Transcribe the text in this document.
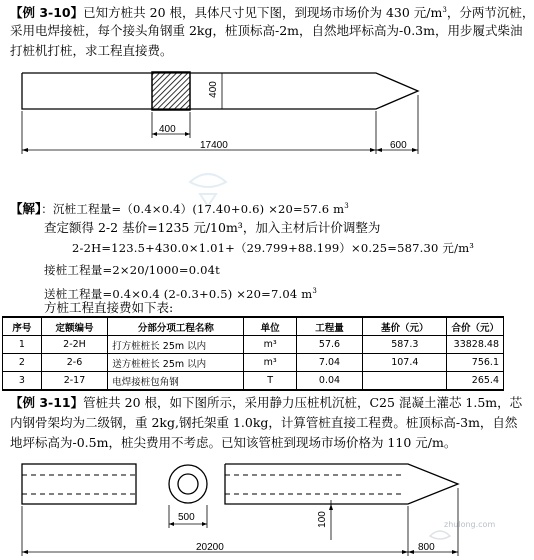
【例 3-10】已知方桩共 20 根，具体尺寸见下图，到现场市场价为 430 元$/m^3$，分两节沉桩，
采用电焊接桩，每个接头角钢重 2kg，桩顶标高-2m，自然地坪标高为-0.3m，用步履式柴油
打桩机打桩，求工程直接费。
400
400
17400	600
【解】：沉桩工程量=（0.4×0.4）(17.40+0.6) ×20=57.6 $m^3$
查定额得 2-2 基价=1235 元/10m³，加入主材后计价调整为
2-2H=123.5+430.0×1.01+（29.799+88.199）×0.25=587.30 元/m³
接桩工程量=2×20/1000=0.04t
送桩工程量=0.4×0.4 (2-0.3+0.5) ×20=7.04 $m^3$
方桩工程直接费如下表:
序号	定额编号	分部分项工程名称	单位	工程量	基价（元）	合价（元）
1	2-2H	打方桩桩长 25m 以内	m³	57.6	587.3	33828.48
2	2-6	送方桩桩长 25m 以内	m³	7.04	107.4	756.1
3	2-17	电焊接桩包角钢	T	0.04		265.4
【例 3-11】管桩共 20 根，如下图所示，采用静力压桩机沉桩，C25 混凝土灌芯 1.5m，芯
内钢骨架均为二级钢，重 2kg,钢托架重 1.0kg，计算管桩直接工程费。桩顶标高-3m，自然
地坪标高为-0.5m，桩尖费用不考虑。已知该管桩到现场市场价格为 110 元/m。
500	100
20200	800
zhulong.com
